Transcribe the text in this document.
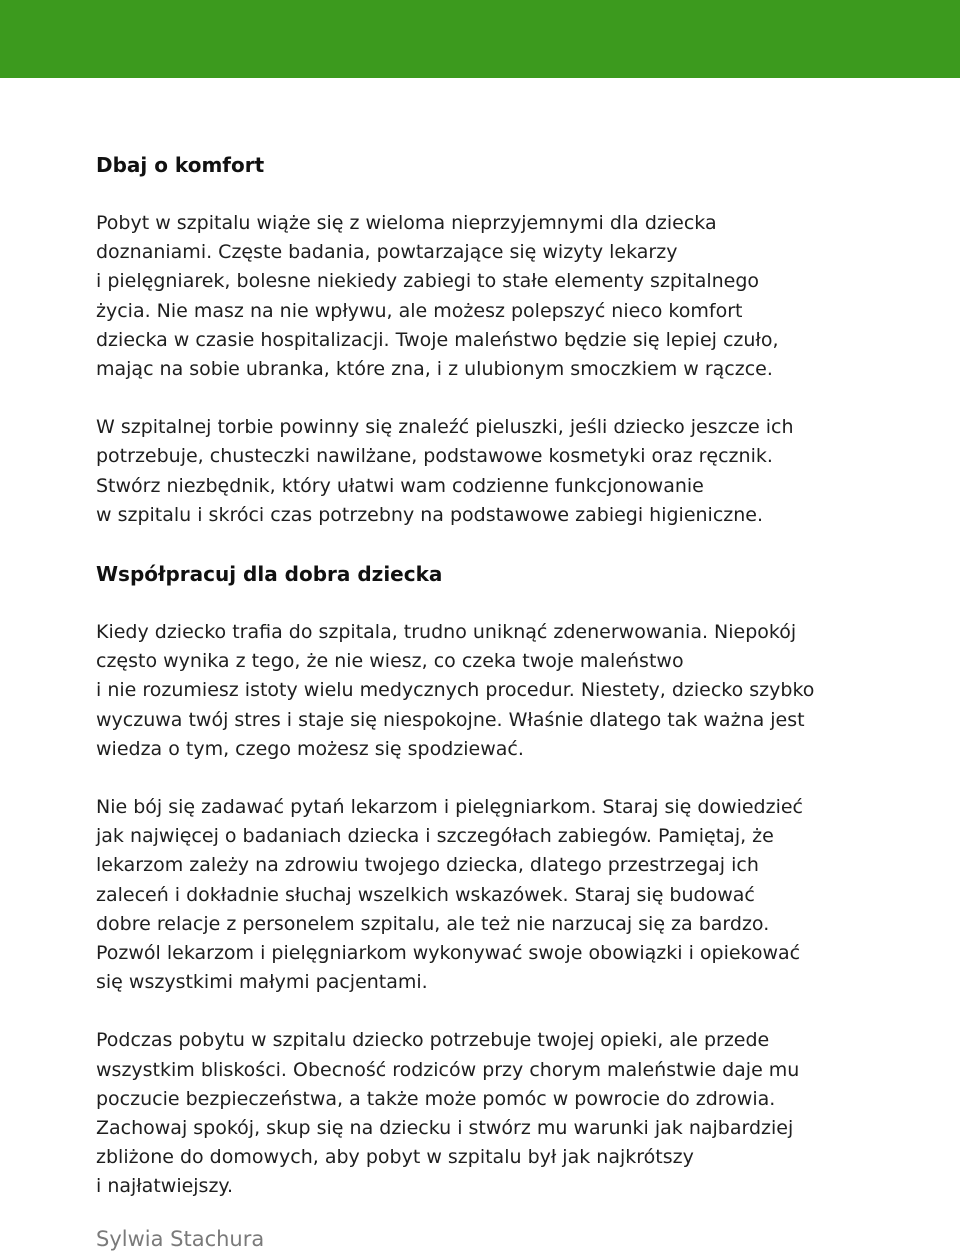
Dbaj o komfort

Pobyt w szpitalu wiąże się z wieloma nieprzyjemnymi dla dziecka
doznaniami. Częste badania, powtarzające się wizyty lekarzy
i pielęgniarek, bolesne niekiedy zabiegi to stałe elementy szpitalnego
życia. Nie masz na nie wpływu, ale możesz polepszyć nieco komfort
dziecka w czasie hospitalizacji. Twoje maleństwo będzie się lepiej czuło,
mając na sobie ubranka, które zna, i z ulubionym smoczkiem w rączce.

W szpitalnej torbie powinny się znaleźć pieluszki, jeśli dziecko jeszcze ich
potrzebuje, chusteczki nawilżane, podstawowe kosmetyki oraz ręcznik.
Stwórz niezbędnik, który ułatwi wam codzienne funkcjonowanie
w szpitalu i skróci czas potrzebny na podstawowe zabiegi higieniczne.

Współpracuj dla dobra dziecka

Kiedy dziecko trafia do szpitala, trudno uniknąć zdenerwowania. Niepokój
często wynika z tego, że nie wiesz, co czeka twoje maleństwo
i nie rozumiesz istoty wielu medycznych procedur. Niestety, dziecko szybko
wyczuwa twój stres i staje się niespokojne. Właśnie dlatego tak ważna jest
wiedza o tym, czego możesz się spodziewać.

Nie bój się zadawać pytań lekarzom i pielęgniarkom. Staraj się dowiedzieć
jak najwięcej o badaniach dziecka i szczegółach zabiegów. Pamiętaj, że
lekarzom zależy na zdrowiu twojego dziecka, dlatego przestrzegaj ich
zaleceń i dokładnie słuchaj wszelkich wskazówek. Staraj się budować
dobre relacje z personelem szpitalu, ale też nie narzucaj się za bardzo.
Pozwól lekarzom i pielęgniarkom wykonywać swoje obowiązki i opiekować
się wszystkimi małymi pacjentami.

Podczas pobytu w szpitalu dziecko potrzebuje twojej opieki, ale przede
wszystkim bliskości. Obecność rodziców przy chorym maleństwie daje mu
poczucie bezpieczeństwa, a także może pomóc w powrocie do zdrowia.
Zachowaj spokój, skup się na dziecku i stwórz mu warunki jak najbardziej
zbliżone do domowych, aby pobyt w szpitalu był jak najkrótszy
i najłatwiejszy.

Sylwia Stachura
